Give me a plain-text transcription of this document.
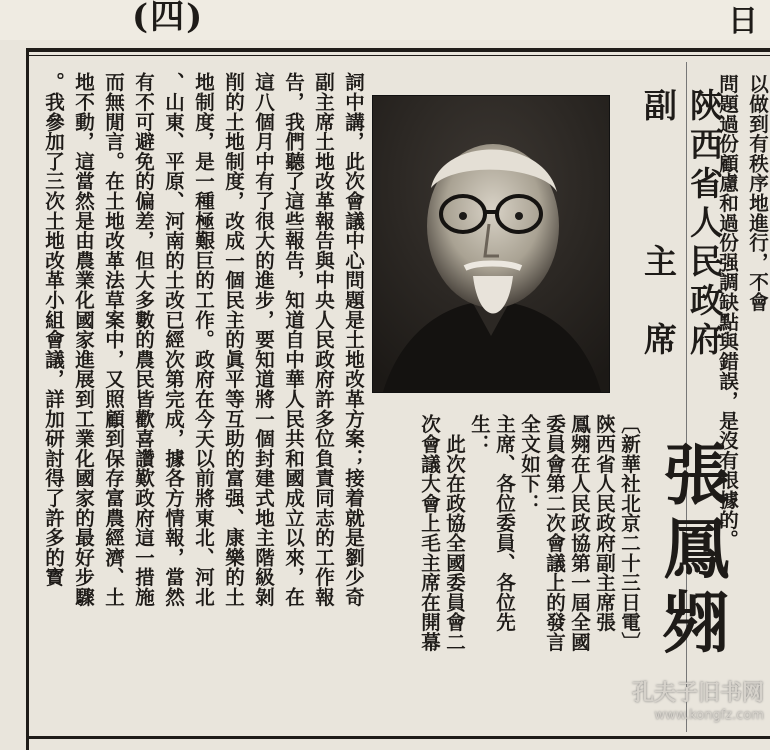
(四)	日
以做到有秩序地進行，不會
問題過份顧慮和過份强調缺點與錯誤，是沒有根據的。
陝西省人民政府
副　　　主　席
張鳳翙
〔新華社北京二十三日電〕
陝西省人民政府副主席張
鳳翙在人民政協第一屆全國
委員會第二次會議上的發言
全文如下：
主席、各位委員、各位先
生：
　此次在政協全國委員會二
次會議大會上毛主席在開幕
詞中講，此次會議中心問題是土地改革方案；接着就是劉少奇
副主席土地改革報告與中央人民政府許多位負責同志的工作報
告，我們聽了這些報告，知道自中華人民共和國成立以來，在
這八個月中有了很大的進步，要知道將一個封建式地主階級剝
削的土地制度，改成一個民主的眞平等互助的富强、康樂的土
地制度，是一種極艱巨的工作。政府在今天以前將東北、河北
、山東、平原、河南的土改已經次第完成，據各方情報，當然
有不可避免的偏差，但大多數的農民皆歡喜讚歎政府這一措施
而無閒言。在土地改革法草案中，又照顧到保存富農經濟、土
地不動，這當然是由農業化國家進展到工業化國家的最好步驟
。我參加了三次土地改革小組會議，詳加研討得了許多的寳
孔夫子旧书网
www.kongfz.com
